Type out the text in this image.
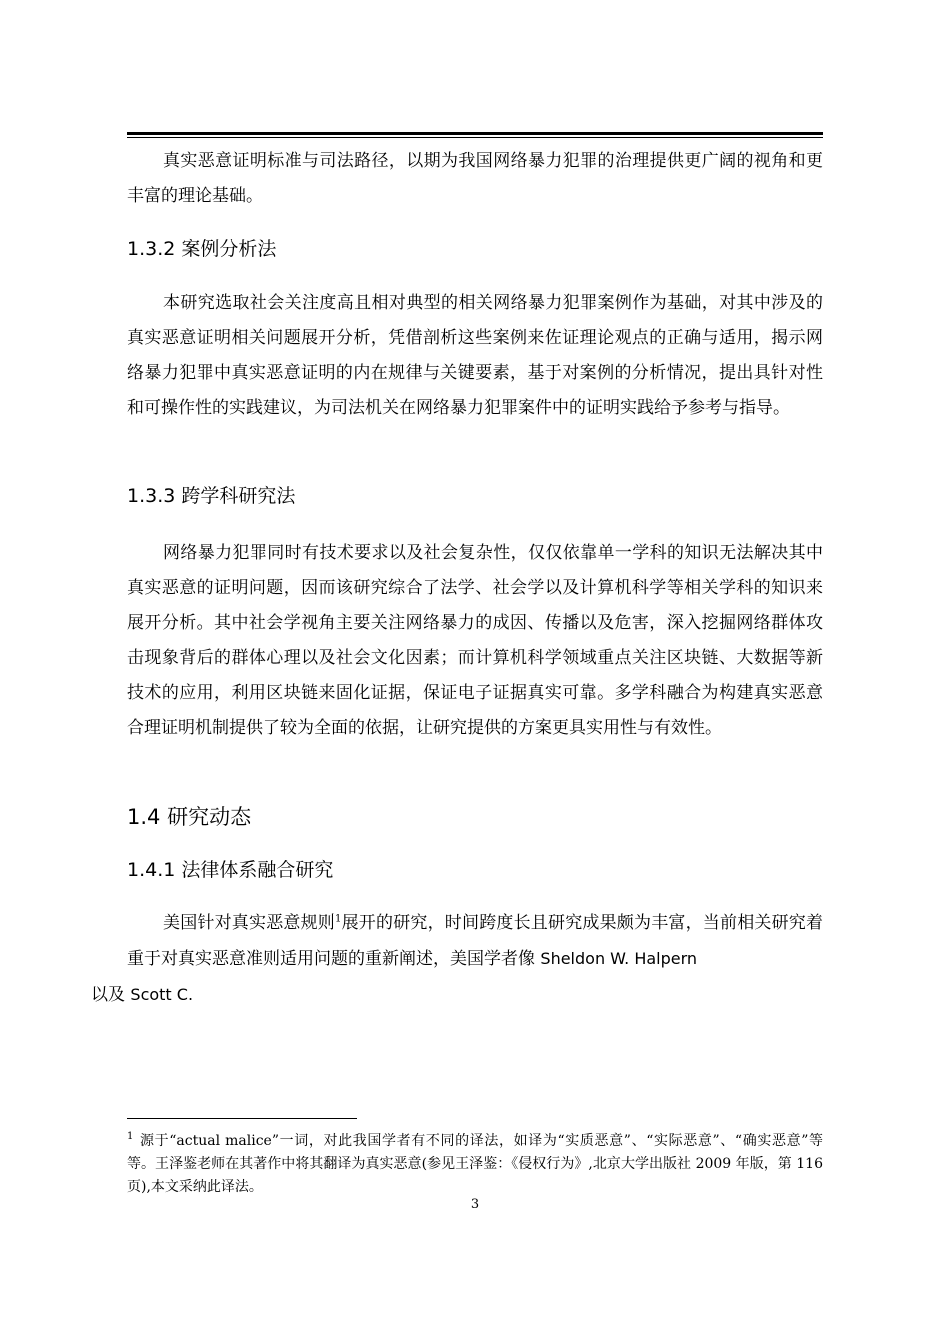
真实恶意证明标准与司法路径，以期为我国网络暴力犯罪的治理提供更广阔的视角和更丰富的理论基础。

1.3.2 案例分析法

本研究选取社会关注度高且相对典型的相关网络暴力犯罪案例作为基础，对其中涉及的真实恶意证明相关问题展开分析，凭借剖析这些案例来佐证理论观点的正确与适用，揭示网络暴力犯罪中真实恶意证明的内在规律与关键要素，基于对案例的分析情况，提出具针对性和可操作性的实践建议，为司法机关在网络暴力犯罪案件中的证明实践给予参考与指导。

1.3.3 跨学科研究法

网络暴力犯罪同时有技术要求以及社会复杂性，仅仅依靠单一学科的知识无法解决其中真实恶意的证明问题，因而该研究综合了法学、社会学以及计算机科学等相关学科的知识来展开分析。其中社会学视角主要关注网络暴力的成因、传播以及危害，深入挖掘网络群体攻击现象背后的群体心理以及社会文化因素；而计算机科学领域重点关注区块链、大数据等新技术的应用，利用区块链来固化证据，保证电子证据真实可靠。多学科融合为构建真实恶意合理证明机制提供了较为全面的依据，让研究提供的方案更具实用性与有效性。

1.4 研究动态
1.4.1 法律体系融合研究

美国针对真实恶意规则$^1$展开的研究，时间跨度长且研究成果颇为丰富，当前相关研究着重于对真实恶意准则适用问题的重新阐述，美国学者像 Sheldon W. Halpern
以及 Scott C.

$^1$ 源于“actual malice”一词，对此我国学者有不同的译法，如译为“实质恶意”、“实际恶意”、“确实恶意”等等。王泽鉴老师在其著作中将其翻译为真实恶意(参见王泽鉴：《侵权行为》,北京大学出版社 2009 年版，第 116 页),本文采纳此译法。

3
